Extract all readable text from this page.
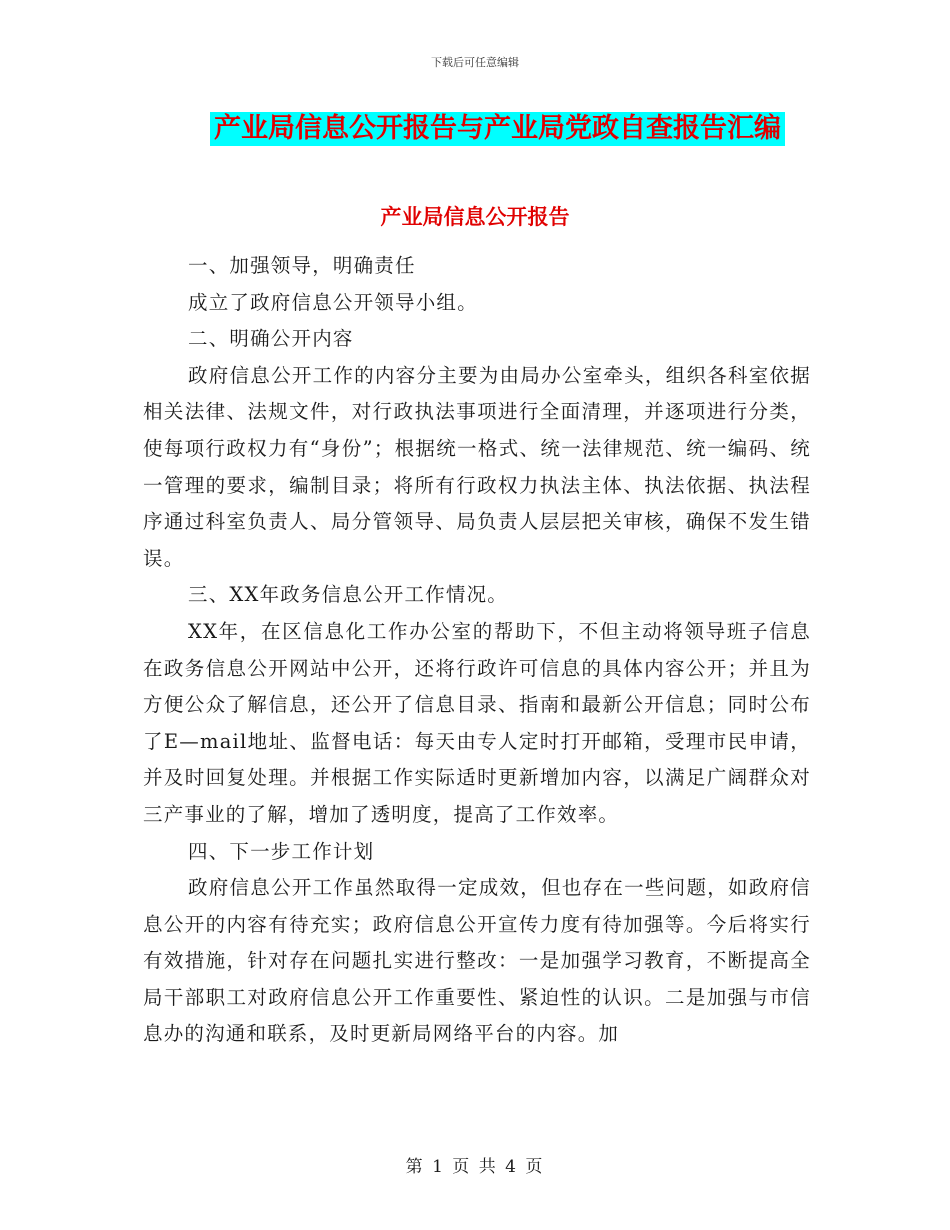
下载后可任意编辑
产业局信息公开报告与产业局党政自查报告汇编
产业局信息公开报告

一、加强领导，明确责任

成立了政府信息公开领导小组。

二、明确公开内容

政府信息公开工作的内容分主要为由局办公室牵头，组织各科室依据相关法律、法规文件，对行政执法事项进行全面清理，并逐项进行分类，使每项行政权力有“身份”；根据统一格式、统一法律规范、统一编码、统一管理的要求，编制目录；将所有行政权力执法主体、执法依据、执法程序通过科室负责人、局分管领导、局负责人层层把关审核，确保不发生错误。

三、XX年政务信息公开工作情况。

XX年，在区信息化工作办公室的帮助下，不但主动将领导班子信息在政务信息公开网站中公开，还将行政许可信息的具体内容公开；并且为方便公众了解信息，还公开了信息目录、指南和最新公开信息；同时公布了E—mail地址、监督电话：每天由专人定时打开邮箱，受理市民申请，并及时回复处理。并根据工作实际适时更新增加内容，以满足广阔群众对三产事业的了解，增加了透明度，提高了工作效率。

四、下一步工作计划

政府信息公开工作虽然取得一定成效，但也存在一些问题，如政府信息公开的内容有待充实；政府信息公开宣传力度有待加强等。今后将实行有效措施，针对存在问题扎实进行整改：一是加强学习教育，不断提高全局干部职工对政府信息公开工作重要性、紧迫性的认识。二是加强与市信息办的沟通和联系，及时更新局网络平台的内容。加

第 1 页 共 4 页
